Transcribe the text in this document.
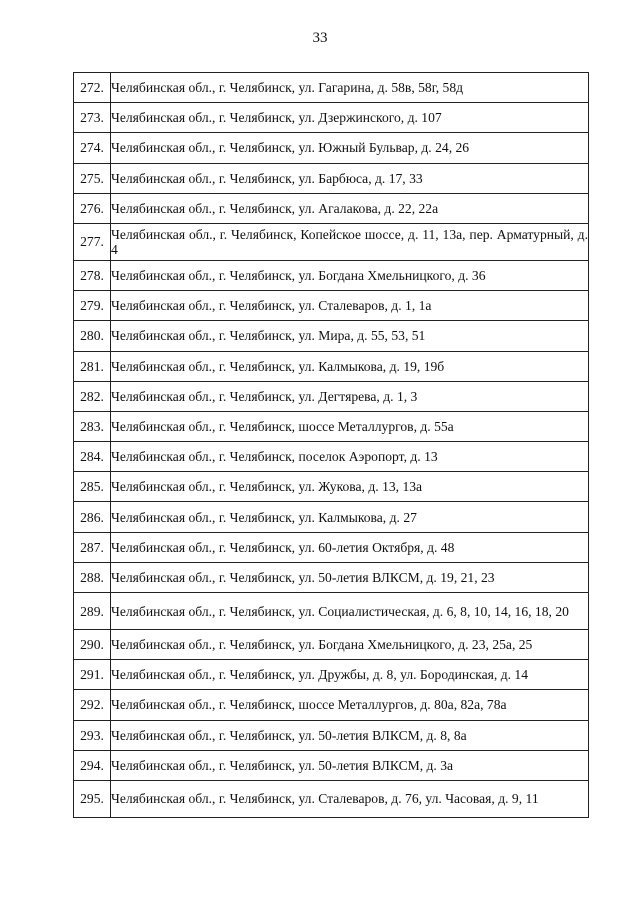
33
272.	Челябинская обл., г. Челябинск, ул. Гагарина, д. 58в, 58г, 58д
273.	Челябинская обл., г. Челябинск, ул. Дзержинского, д. 107
274.	Челябинская обл., г. Челябинск, ул. Южный Бульвар, д. 24, 26
275.	Челябинская обл., г. Челябинск, ул. Барбюса, д. 17, 33
276.	Челябинская обл., г. Челябинск, ул. Агалакова, д. 22, 22а
277.	Челябинская обл., г. Челябинск, Копейское шоссе, д. 11, 13а, пер. Арматурный, д. 4
278.	Челябинская обл., г. Челябинск, ул. Богдана Хмельницкого, д. 36
279.	Челябинская обл., г. Челябинск, ул. Сталеваров, д. 1, 1а
280.	Челябинская обл., г. Челябинск, ул. Мира, д. 55, 53, 51
281.	Челябинская обл., г. Челябинск, ул. Калмыкова, д. 19, 19б
282.	Челябинская обл., г. Челябинск, ул. Дегтярева, д. 1, 3
283.	Челябинская обл., г. Челябинск, шоссе Металлургов, д. 55а
284.	Челябинская обл., г. Челябинск, поселок Аэропорт, д. 13
285.	Челябинская обл., г. Челябинск, ул. Жукова, д. 13, 13а
286.	Челябинская обл., г. Челябинск, ул. Калмыкова, д. 27
287.	Челябинская обл., г. Челябинск, ул. 60-летия Октября, д. 48
288.	Челябинская обл., г. Челябинск, ул. 50-летия ВЛКСМ, д. 19, 21, 23
289.	Челябинская обл., г. Челябинск, ул. Социалистическая, д. 6, 8, 10, 14, 16, 18, 20
290.	Челябинская обл., г. Челябинск, ул. Богдана Хмельницкого, д. 23, 25а, 25
291.	Челябинская обл., г. Челябинск, ул. Дружбы, д. 8, ул. Бородинская, д. 14
292.	Челябинская обл., г. Челябинск, шоссе Металлургов, д. 80а, 82а, 78а
293.	Челябинская обл., г. Челябинск, ул. 50-летия ВЛКСМ, д. 8, 8а
294.	Челябинская обл., г. Челябинск, ул. 50-летия ВЛКСМ, д. 3а
295.	Челябинская обл., г. Челябинск, ул. Сталеваров, д. 76, ул. Часовая, д. 9, 11
